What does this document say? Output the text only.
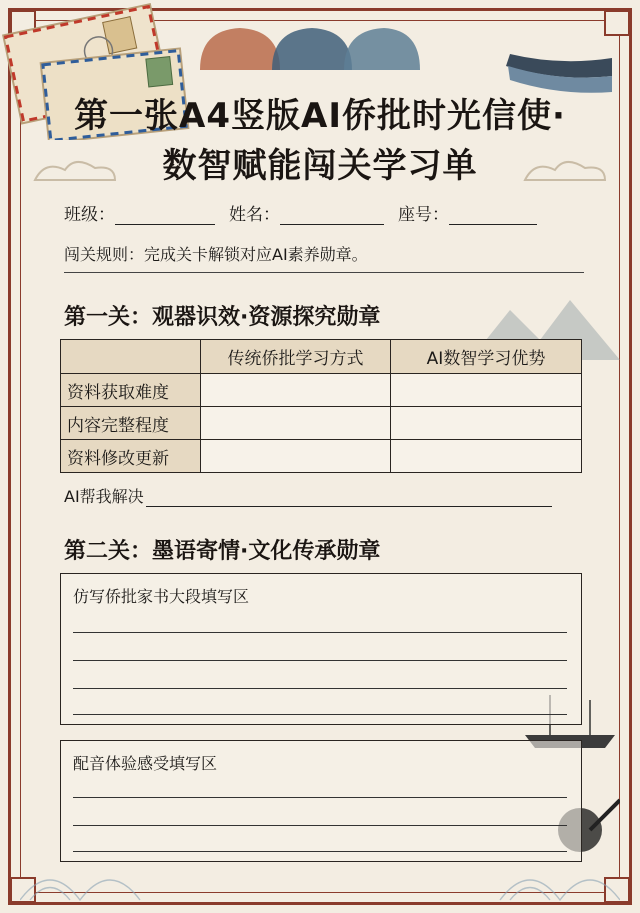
第一张A4竖版AI侨批时光信使·
数智赋能闯关学习单
班级：	姓名：	座号：
闯关规则：完成关卡解锁对应AI素养勋章。
第一关：观器识效·资源探究勋章
	传统侨批学习方式	AI数智学习优势
资料获取难度		
内容完整程度		
资料修改更新		
AI帮我解决
第二关：墨语寄情·文化传承勋章
仿写侨批家书大段填写区
配音体验感受填写区
